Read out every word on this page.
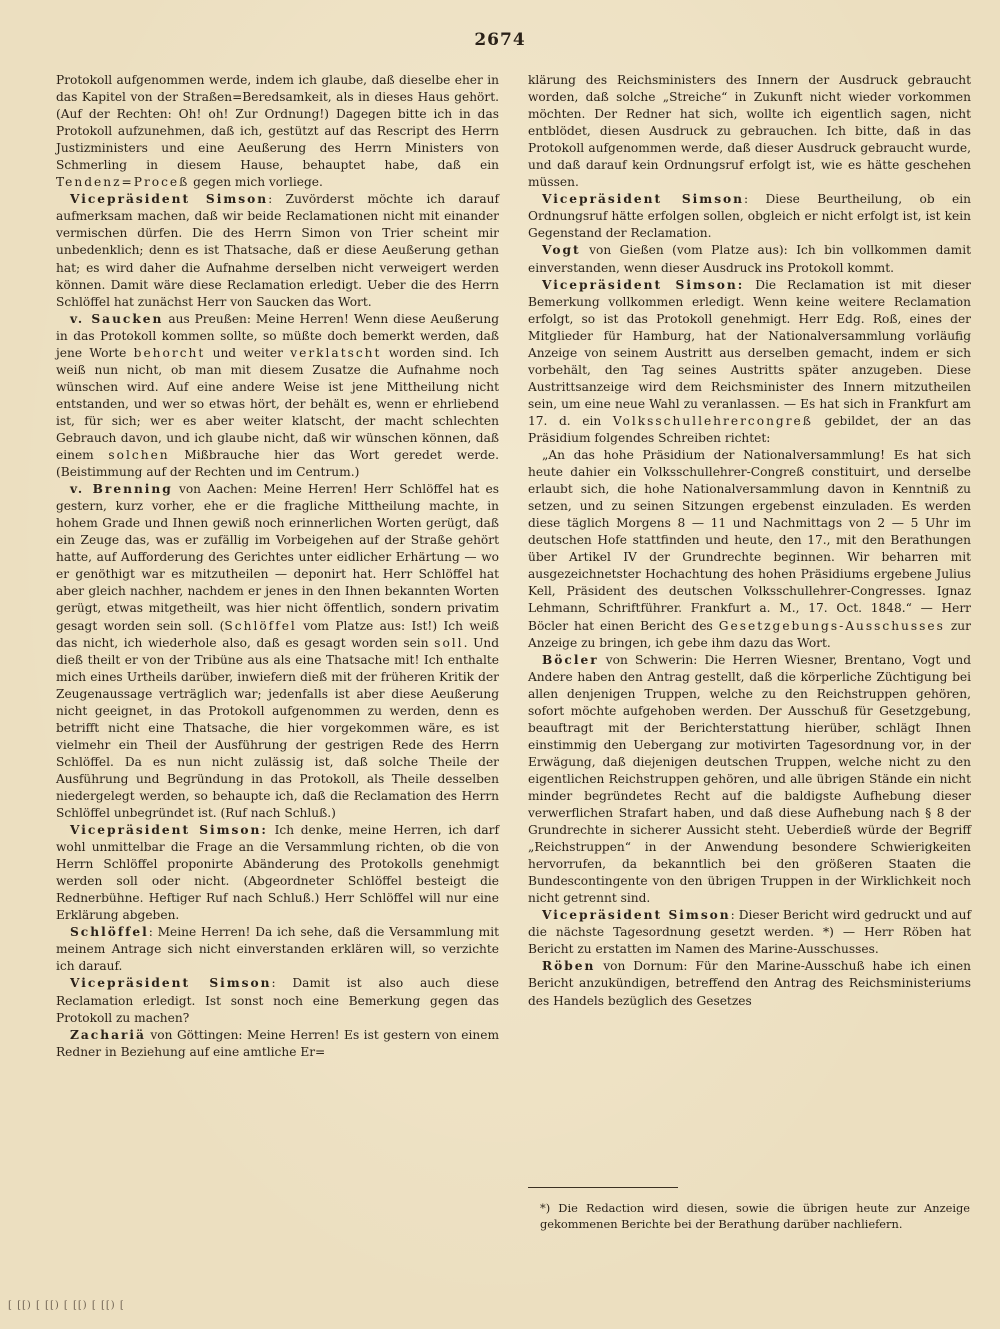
2674

Protokoll aufgenommen werde, indem ich glaube, daß dieselbe eher in das Kapitel von der Straßen=Beredsamkeit, als in dieses Haus gehört. (Auf der Rechten: Oh! oh! Zur Ordnung!) Dagegen bitte ich in das Protokoll aufzunehmen, daß ich, gestützt auf das Rescript des Herrn Justizministers und eine Aeußerung des Herrn Ministers von Schmerling in diesem Hause, behauptet habe, daß ein Tendenz=Proceß gegen mich vorliege.

Vicepräsident Simson: Zuvörderst möchte ich darauf aufmerksam machen, daß wir beide Reclamationen nicht mit einander vermischen dürfen. Die des Herrn Simon von Trier scheint mir unbedenklich; denn es ist Thatsache, daß er diese Aeußerung gethan hat; es wird daher die Aufnahme derselben nicht verweigert werden können. Damit wäre diese Reclamation erledigt. Ueber die des Herrn Schlöffel hat zunächst Herr von Saucken das Wort.

v. Saucken aus Preußen: Meine Herren! Wenn diese Aeußerung in das Protokoll kommen sollte, so müßte doch bemerkt werden, daß jene Worte behorcht und weiter verklatscht worden sind. Ich weiß nun nicht, ob man mit diesem Zusatze die Aufnahme noch wünschen wird. Auf eine andere Weise ist jene Mittheilung nicht entstanden, und wer so etwas hört, der behält es, wenn er ehrliebend ist, für sich; wer es aber weiter klatscht, der macht schlechten Gebrauch davon, und ich glaube nicht, daß wir wünschen können, daß einem solchen Mißbrauche hier das Wort geredet werde. (Beistimmung auf der Rechten und im Centrum.)

v. Brenning von Aachen: Meine Herren! Herr Schlöffel hat es gestern, kurz vorher, ehe er die fragliche Mittheilung machte, in hohem Grade und Ihnen gewiß noch erinnerlichen Worten gerügt, daß ein Zeuge das, was er zufällig im Vorbeigehen auf der Straße gehört hatte, auf Aufforderung des Gerichtes unter eidlicher Erhärtung — wo er genöthigt war es mitzutheilen — deponirt hat. Herr Schlöffel hat aber gleich nachher, nachdem er jenes in den Ihnen bekannten Worten gerügt, etwas mitgetheilt, was hier nicht öffentlich, sondern privatim gesagt worden sein soll. (Schlöffel vom Platze aus: Ist!) Ich weiß das nicht, ich wiederhole also, daß es gesagt worden sein soll. Und dieß theilt er von der Tribüne aus als eine Thatsache mit! Ich enthalte mich eines Urtheils darüber, inwiefern dieß mit der früheren Kritik der Zeugenaussage verträglich war; jedenfalls ist aber diese Aeußerung nicht geeignet, in das Protokoll aufgenommen zu werden, denn es betrifft nicht eine Thatsache, die hier vorgekommen wäre, es ist vielmehr ein Theil der Ausführung der gestrigen Rede des Herrn Schlöffel. Da es nun nicht zulässig ist, daß solche Theile der Ausführung und Begründung in das Protokoll, als Theile desselben niedergelegt werden, so behaupte ich, daß die Reclamation des Herrn Schlöffel unbegründet ist. (Ruf nach Schluß.)

Vicepräsident Simson: Ich denke, meine Herren, ich darf wohl unmittelbar die Frage an die Versammlung richten, ob die von Herrn Schlöffel proponirte Abänderung des Protokolls genehmigt werden soll oder nicht. (Abgeordneter Schlöffel besteigt die Rednerbühne. Heftiger Ruf nach Schluß.) Herr Schlöffel will nur eine Erklärung abgeben.

Schlöffel: Meine Herren! Da ich sehe, daß die Versammlung mit meinem Antrage sich nicht einverstanden erklären will, so verzichte ich darauf.

Vicepräsident Simson: Damit ist also auch diese Reclamation erledigt. Ist sonst noch eine Bemerkung gegen das Protokoll zu machen?

Zachariä von Göttingen: Meine Herren! Es ist gestern von einem Redner in Beziehung auf eine amtliche Er=

klärung des Reichsministers des Innern der Ausdruck gebraucht worden, daß solche „Streiche“ in Zukunft nicht wieder vorkommen möchten. Der Redner hat sich, wollte ich eigentlich sagen, nicht entblödet, diesen Ausdruck zu gebrauchen. Ich bitte, daß in das Protokoll aufgenommen werde, daß dieser Ausdruck gebraucht wurde, und daß darauf kein Ordnungsruf erfolgt ist, wie es hätte geschehen müssen.

Vicepräsident Simson: Diese Beurtheilung, ob ein Ordnungsruf hätte erfolgen sollen, obgleich er nicht erfolgt ist, ist kein Gegenstand der Reclamation.

Vogt von Gießen (vom Platze aus): Ich bin vollkommen damit einverstanden, wenn dieser Ausdruck ins Protokoll kommt.

Vicepräsident Simson: Die Reclamation ist mit dieser Bemerkung vollkommen erledigt. Wenn keine weitere Reclamation erfolgt, so ist das Protokoll genehmigt. Herr Edg. Roß, eines der Mitglieder für Hamburg, hat der Nationalversammlung vorläufig Anzeige von seinem Austritt aus derselben gemacht, indem er sich vorbehält, den Tag seines Austritts später anzugeben. Diese Austrittsanzeige wird dem Reichsminister des Innern mitzutheilen sein, um eine neue Wahl zu veranlassen. — Es hat sich in Frankfurt am 17. d. ein Volksschullehrercongreß gebildet, der an das Präsidium folgendes Schreiben richtet:

„An das hohe Präsidium der Nationalversammlung! Es hat sich heute dahier ein Volksschullehrer-Congreß constituirt, und derselbe erlaubt sich, die hohe Nationalversammlung davon in Kenntniß zu setzen, und zu seinen Sitzungen ergebenst einzuladen. Es werden diese täglich Morgens 8 — 11 und Nachmittags von 2 — 5 Uhr im deutschen Hofe stattfinden und heute, den 17., mit den Berathungen über Artikel IV der Grundrechte beginnen. Wir beharren mit ausgezeichnetster Hochachtung des hohen Präsidiums ergebene Julius Kell, Präsident des deutschen Volksschullehrer-Congresses. Ignaz Lehmann, Schriftführer. Frankfurt a. M., 17. Oct. 1848.“ — Herr Böcler hat einen Bericht des Gesetzgebungs-Ausschusses zur Anzeige zu bringen, ich gebe ihm dazu das Wort.

Böcler von Schwerin: Die Herren Wiesner, Brentano, Vogt und Andere haben den Antrag gestellt, daß die körperliche Züchtigung bei allen denjenigen Truppen, welche zu den Reichstruppen gehören, sofort möchte aufgehoben werden. Der Ausschuß für Gesetzgebung, beauftragt mit der Berichterstattung hierüber, schlägt Ihnen einstimmig den Uebergang zur motivirten Tagesordnung vor, in der Erwägung, daß diejenigen deutschen Truppen, welche nicht zu den eigentlichen Reichstruppen gehören, und alle übrigen Stände ein nicht minder begründetes Recht auf die baldigste Aufhebung dieser verwerflichen Strafart haben, und daß diese Aufhebung nach § 8 der Grundrechte in sicherer Aussicht steht. Ueberdieß würde der Begriff „Reichstruppen“ in der Anwendung besondere Schwierigkeiten hervorrufen, da bekanntlich bei den größeren Staaten die Bundescontingente von den übrigen Truppen in der Wirklichkeit noch nicht getrennt sind.

Vicepräsident Simson: Dieser Bericht wird gedruckt und auf die nächste Tagesordnung gesetzt werden. *) — Herr Röben hat Bericht zu erstatten im Namen des Marine-Ausschusses.

Röben von Dornum: Für den Marine-Ausschuß habe ich einen Bericht anzukündigen, betreffend den Antrag des Reichsministeriums des Handels bezüglich des Gesetzes

*) Die Redaction wird diesen, sowie die übrigen heute zur Anzeige gekommenen Berichte bei der Berathung darüber nachliefern.
[ [[) [ [[) [ [[) [ [[) [
